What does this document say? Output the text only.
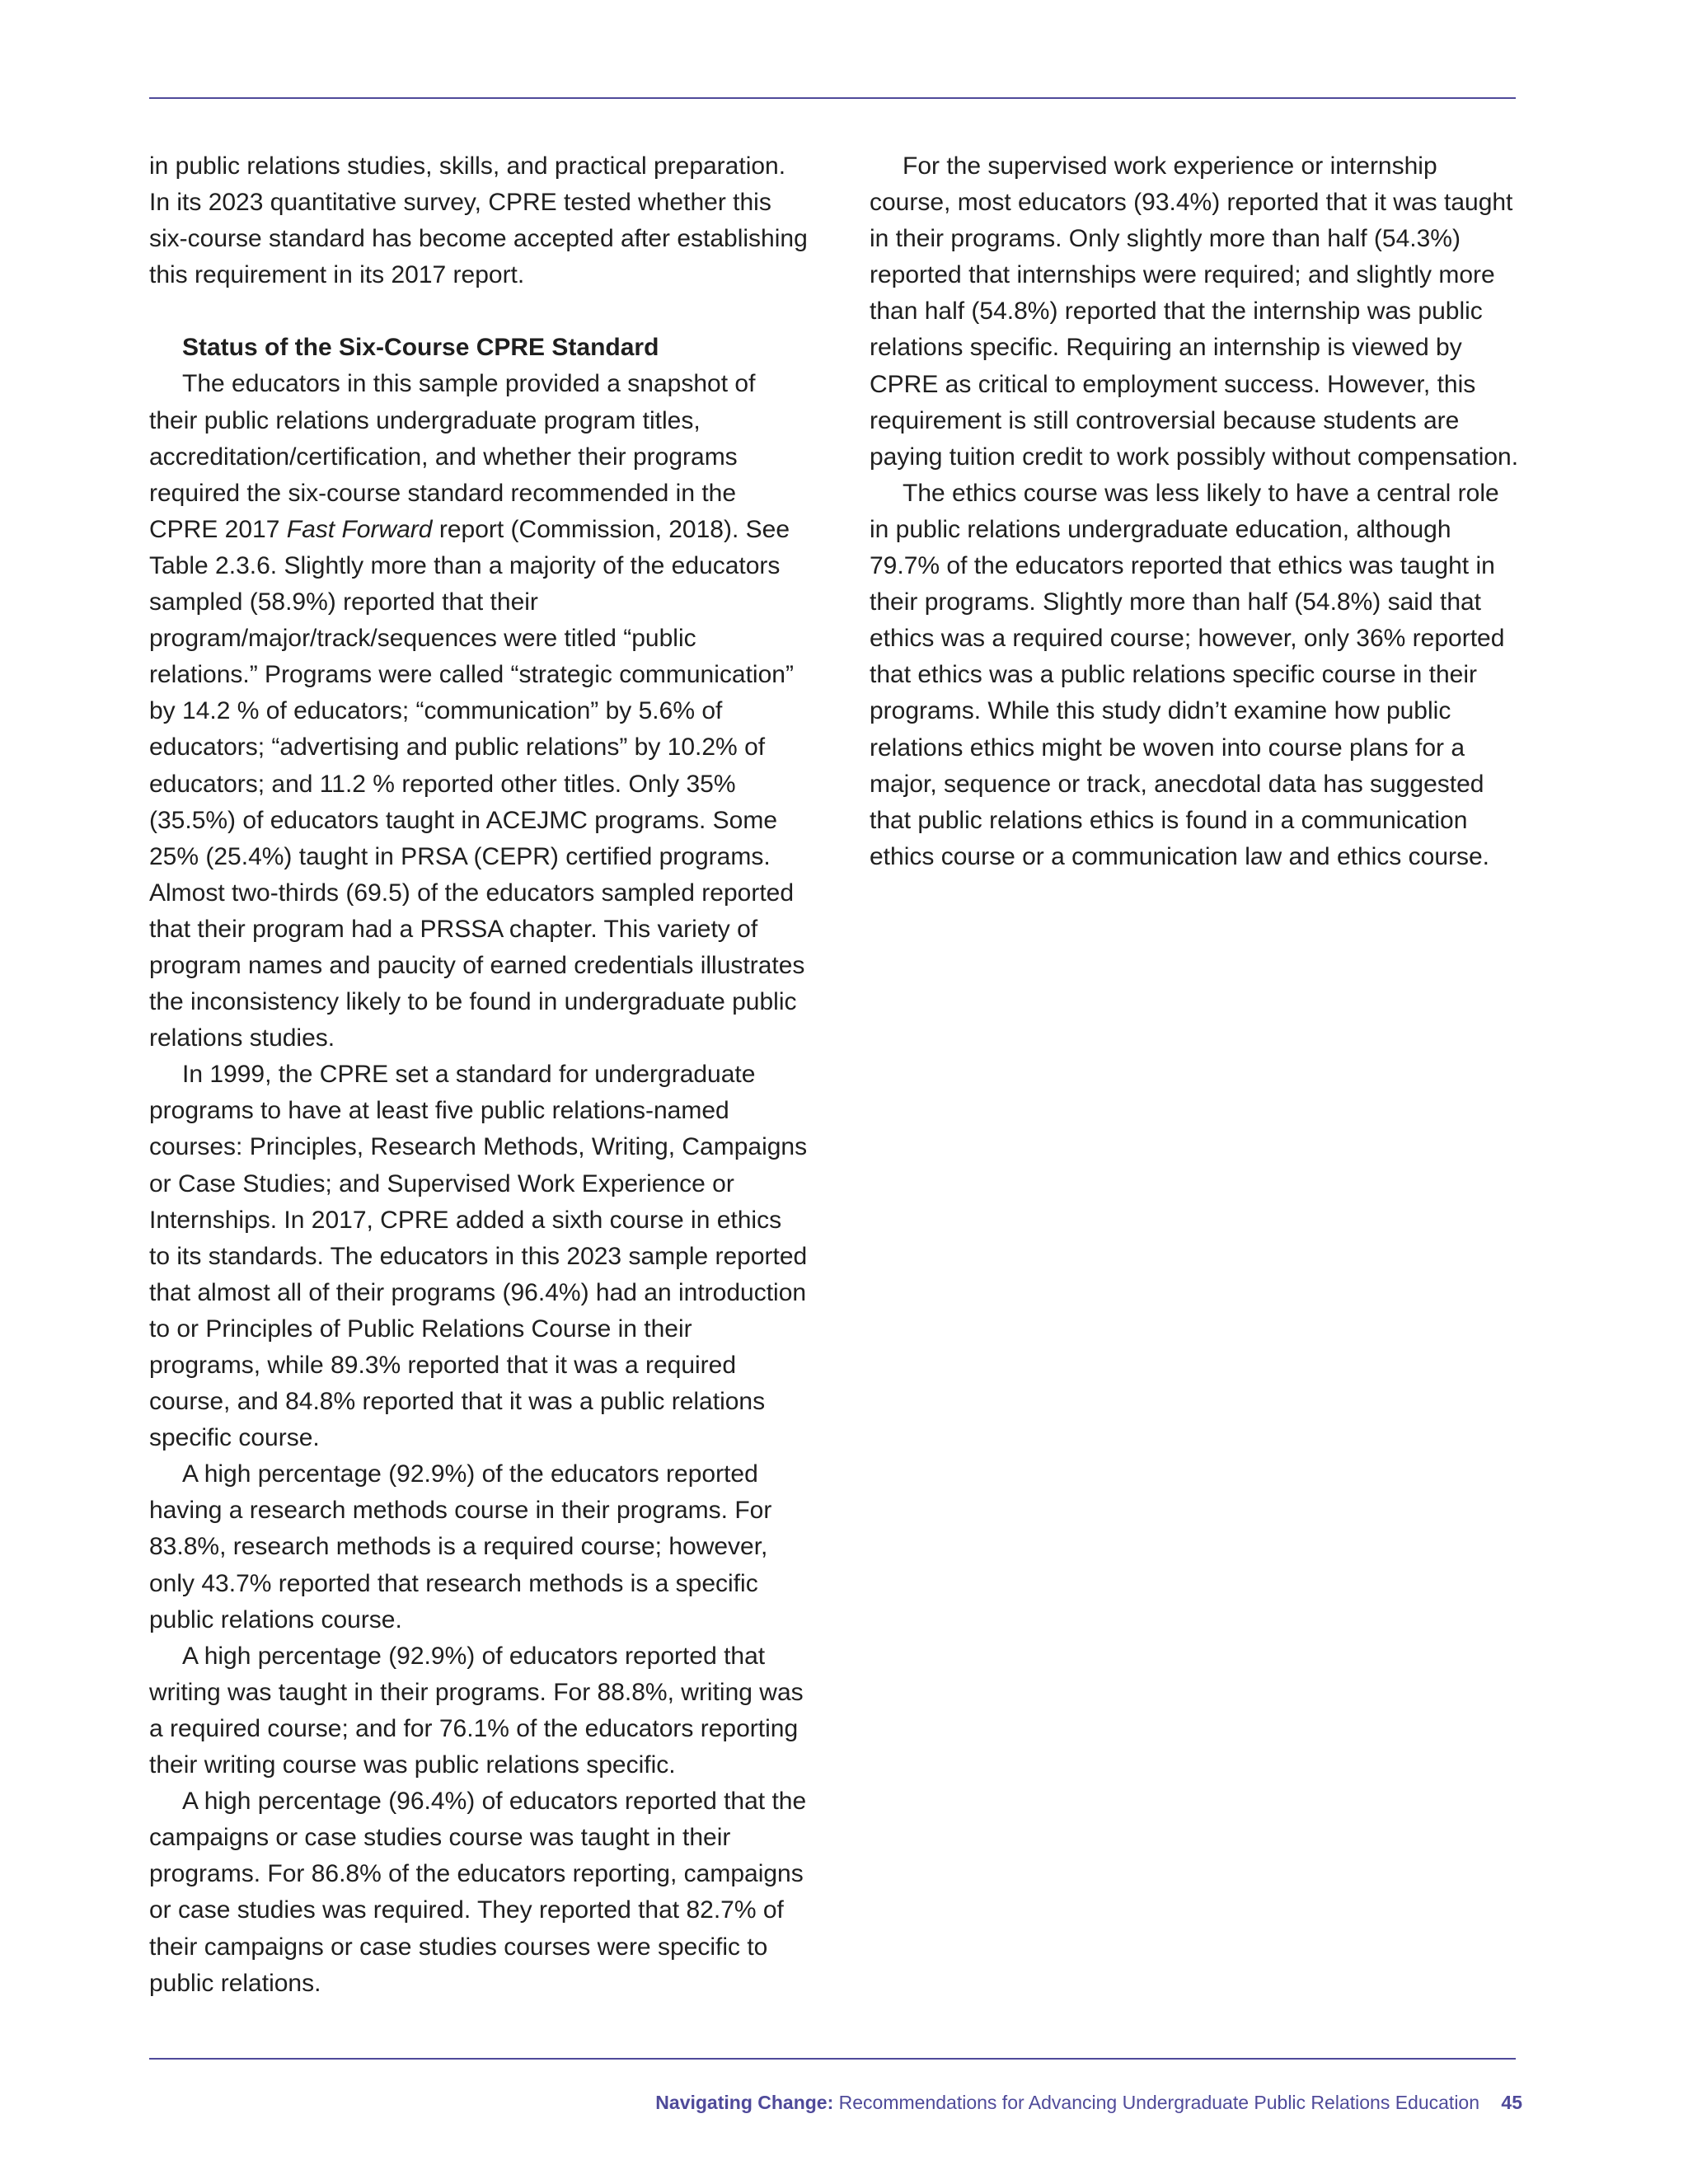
in public relations studies, skills, and practical preparation. In its 2023 quantitative survey, CPRE tested whether this six-course standard has become accepted after establishing this requirement in its 2017 report.

Status of the Six-Course CPRE Standard

The educators in this sample provided a snapshot of their public relations undergraduate program titles, accreditation/certification, and whether their programs required the six-course standard recommended in the CPRE 2017 Fast Forward report (Commission, 2018). See Table 2.3.6. Slightly more than a majority of the educators sampled (58.9%) reported that their program/major/track/sequences were titled “public relations.” Programs were called “strategic communication” by 14.2 % of educators; “communication” by 5.6% of educators; “advertising and public relations” by 10.2% of educators; and 11.2 % reported other titles. Only 35% (35.5%) of educators taught in ACEJMC programs. Some 25% (25.4%) taught in PRSA (CEPR) certified programs. Almost two-thirds (69.5) of the educators sampled reported that their program had a PRSSA chapter. This variety of program names and paucity of earned credentials illustrates the inconsistency likely to be found in undergraduate public relations studies.

In 1999, the CPRE set a standard for undergraduate programs to have at least five public relations-named courses: Principles, Research Methods, Writing, Campaigns or Case Studies; and Supervised Work Experience or Internships. In 2017, CPRE added a sixth course in ethics to its standards. The educators in this 2023 sample reported that almost all of their programs (96.4%) had an introduction to or Principles of Public Relations Course in their programs, while 89.3% reported that it was a required course, and 84.8% reported that it was a public relations specific course.

A high percentage (92.9%) of the educators reported having a research methods course in their programs. For 83.8%, research methods is a required course; however, only 43.7% reported that research methods is a specific public relations course.

A high percentage (92.9%) of educators reported that writing was taught in their programs. For 88.8%, writing was a required course; and for 76.1% of the educators reporting their writing course was public relations specific.

A high percentage (96.4%) of educators reported that the campaigns or case studies course was taught in their programs. For 86.8% of the educators reporting, campaigns or case studies was required. They reported that 82.7% of their campaigns or case studies courses were specific to public relations.

For the supervised work experience or internship course, most educators (93.4%) reported that it was taught in their programs. Only slightly more than half (54.3%) reported that internships were required; and slightly more than half (54.8%) reported that the internship was public relations specific. Requiring an internship is viewed by CPRE as critical to employment success. However, this requirement is still controversial because students are paying tuition credit to work possibly without compensation.

The ethics course was less likely to have a central role in public relations undergraduate education, although 79.7% of the educators reported that ethics was taught in their programs. Slightly more than half (54.8%) said that ethics was a required course; however, only 36% reported that ethics was a public relations specific course in their programs. While this study didn’t examine how public relations ethics might be woven into course plans for a major, sequence or track, anecdotal data has suggested that public relations ethics is found in a communication ethics course or a communication law and ethics course.

Navigating Change: Recommendations for Advancing Undergraduate Public Relations Education 45
